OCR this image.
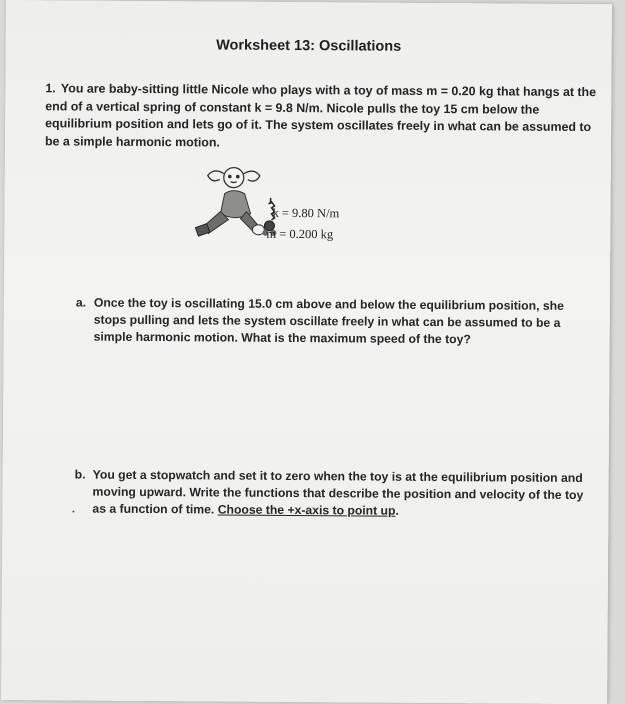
Worksheet 13: Oscillations
1. You are baby-sitting little Nicole who plays with a toy of mass m = 0.20 kg that hangs at the end of a vertical spring of constant k = 9.8 N/m. Nicole pulls the toy 15 cm below the equilibrium position and lets go of it. The system oscillates freely in what can be assumed to be a simple harmonic motion.
k = 9.80 N/m
m = 0.200 kg
a. Once the toy is oscillating 15.0 cm above and below the equilibrium position, she stops pulling and lets the system oscillate freely in what can be assumed to be a simple harmonic motion. What is the maximum speed of the toy?
b. You get a stopwatch and set it to zero when the toy is at the equilibrium position and moving upward. Write the functions that describe the position and velocity of the toy as a function of time. Choose the +x-axis to point up.
